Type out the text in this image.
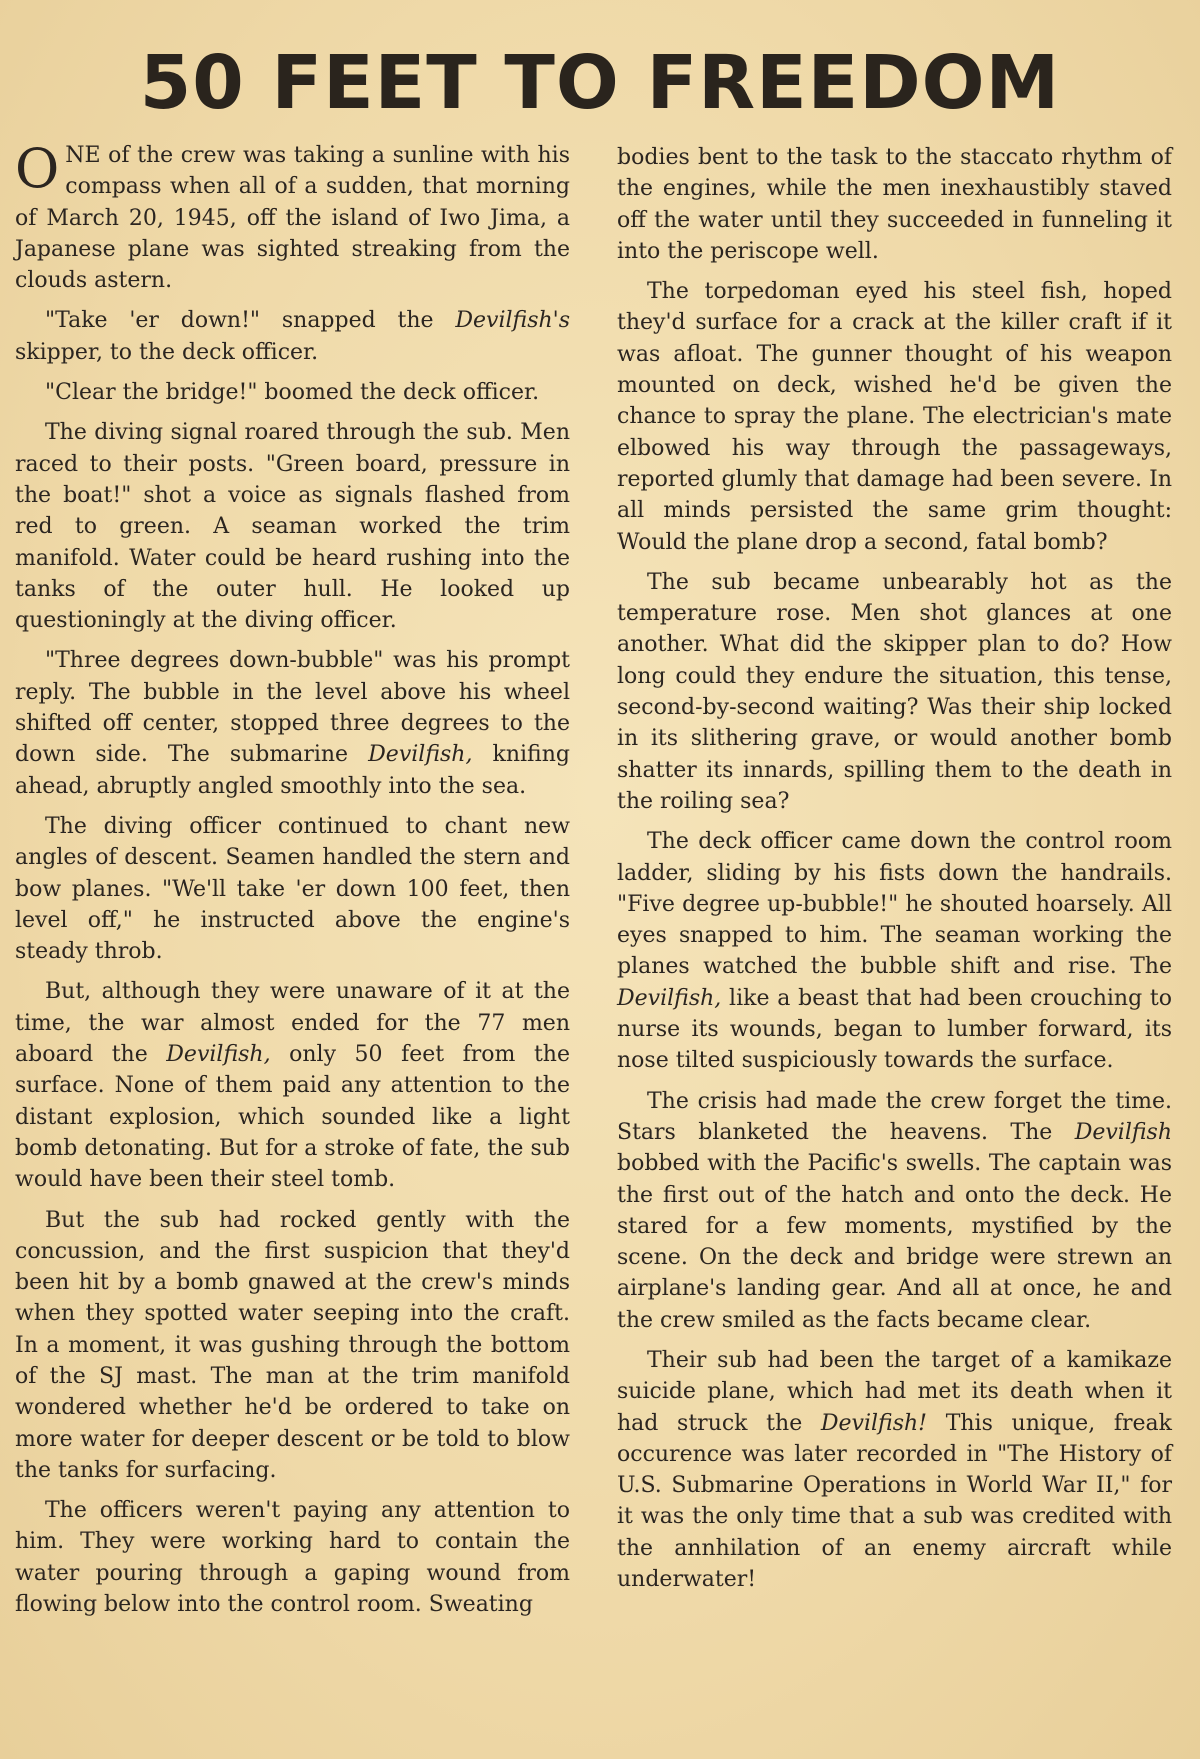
50 FEET TO FREEDOM

ONE of the crew was taking a sunline with his compass when all of a sudden, that morning of March 20, 1945, off the island of Iwo Jima, a Japanese plane was sighted streaking from the clouds astern.

"Take 'er down!" snapped the Devilfish's skipper, to the deck officer.

"Clear the bridge!" boomed the deck officer.

The diving signal roared through the sub. Men raced to their posts. "Green board, pressure in the boat!" shot a voice as signals flashed from red to green. A seaman worked the trim manifold. Water could be heard rushing into the tanks of the outer hull. He looked up questioningly at the diving officer.

"Three degrees down-bubble" was his prompt reply. The bubble in the level above his wheel shifted off center, stopped three degrees to the down side. The submarine Devilfish, knifing ahead, abruptly angled smoothly into the sea.

The diving officer continued to chant new angles of descent. Seamen handled the stern and bow planes. "We'll take 'er down 100 feet, then level off," he instructed above the engine's steady throb.

But, although they were unaware of it at the time, the war almost ended for the 77 men aboard the Devilfish, only 50 feet from the surface. None of them paid any attention to the distant explosion, which sounded like a light bomb detonating. But for a stroke of fate, the sub would have been their steel tomb.

But the sub had rocked gently with the concussion, and the first suspicion that they'd been hit by a bomb gnawed at the crew's minds when they spotted water seeping into the craft. In a moment, it was gushing through the bottom of the SJ mast. The man at the trim manifold wondered whether he'd be ordered to take on more water for deeper descent or be told to blow the tanks for surfacing.

The officers weren't paying any attention to him. They were working hard to contain the water pouring through a gaping wound from flowing below into the control room. Sweating

bodies bent to the task to the staccato rhythm of the engines, while the men inexhaustibly staved off the water until they succeeded in funneling it into the periscope well.

The torpedoman eyed his steel fish, hoped they'd surface for a crack at the killer craft if it was afloat. The gunner thought of his weapon mounted on deck, wished he'd be given the chance to spray the plane. The electrician's mate elbowed his way through the passageways, reported glumly that damage had been severe. In all minds persisted the same grim thought: Would the plane drop a second, fatal bomb?

The sub became unbearably hot as the temperature rose. Men shot glances at one another. What did the skipper plan to do? How long could they endure the situation, this tense, second-by-second waiting? Was their ship locked in its slithering grave, or would another bomb shatter its innards, spilling them to the death in the roiling sea?

The deck officer came down the control room ladder, sliding by his fists down the handrails. "Five degree up-bubble!" he shouted hoarsely. All eyes snapped to him. The seaman working the planes watched the bubble shift and rise. The Devilfish, like a beast that had been crouching to nurse its wounds, began to lumber forward, its nose tilted suspiciously towards the surface.

The crisis had made the crew forget the time. Stars blanketed the heavens. The Devilfish bobbed with the Pacific's swells. The captain was the first out of the hatch and onto the deck. He stared for a few moments, mystified by the scene. On the deck and bridge were strewn an airplane's landing gear. And all at once, he and the crew smiled as the facts became clear.

Their sub had been the target of a kamikaze suicide plane, which had met its death when it had struck the Devilfish! This unique, freak occurence was later recorded in "The History of U.S. Submarine Operations in World War II," for it was the only time that a sub was credited with the annhilation of an enemy aircraft while underwater!
